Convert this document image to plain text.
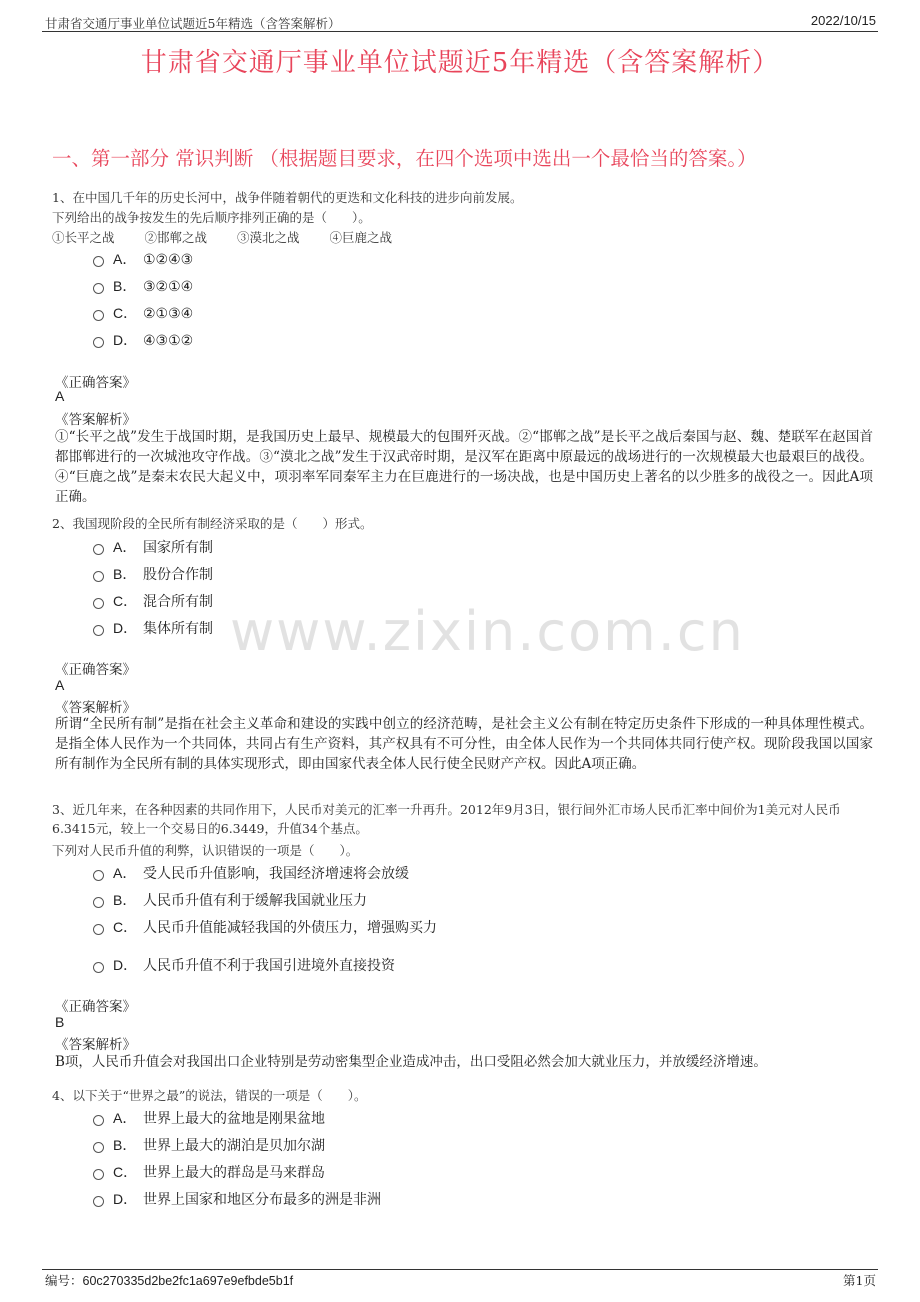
甘肃省交通厅事业单位试题近5年精选（含答案解析）	2022/10/15
甘肃省交通厅事业单位试题近5年精选（含答案解析）
一、第一部分 常识判断 （根据题目要求，在四个选项中选出一个最恰当的答案。）
www.zixin.com.cn
1、在中国几千年的历史长河中，战争伴随着朝代的更迭和文化科技的进步向前发展。
下列给出的战争按发生的先后顺序排列正确的是（　　）。
①长平之战 ②邯郸之战 ③漠北之战 ④巨鹿之战
A． ①②④③
B． ③②①④
C． ②①③④
D． ④③①②
《正确答案》
A
《答案解析》
①“长平之战”发生于战国时期，是我国历史上最早、规模最大的包围歼灭战。②“邯郸之战”是长平之战后秦国与赵、魏、楚联军在赵国首都邯郸进行的一次城池攻守作战。③“漠北之战”发生于汉武帝时期，是汉军在距离中原最远的战场进行的一次规模最大也最艰巨的战役。④“巨鹿之战”是秦末农民大起义中，项羽率军同秦军主力在巨鹿进行的一场决战，也是中国历史上著名的以少胜多的战役之一。因此A项正确。
2、我国现阶段的全民所有制经济采取的是（　　）形式。
A． 国家所有制
B． 股份合作制
C． 混合所有制
D． 集体所有制
《正确答案》
A
《答案解析》
所谓“全民所有制”是指在社会主义革命和建设的实践中创立的经济范畴，是社会主义公有制在特定历史条件下形成的一种具体理性模式。是指全体人民作为一个共同体，共同占有生产资料，其产权具有不可分性，由全体人民作为一个共同体共同行使产权。现阶段我国以国家所有制作为全民所有制的具体实现形式，即由国家代表全体人民行使全民财产产权。因此A项正确。
3、近几年来，在各种因素的共同作用下，人民币对美元的汇率一升再升。2012年9月3日，银行间外汇市场人民币汇率中间价为1美元对人民币6.3415元，较上一个交易日的6.3449，升值34个基点。
下列对人民币升值的利弊，认识错误的一项是（　　）。
A． 受人民币升值影响，我国经济增速将会放缓
B． 人民币升值有利于缓解我国就业压力
C． 人民币升值能减轻我国的外债压力，增强购买力
D． 人民币升值不利于我国引进境外直接投资
《正确答案》
B
《答案解析》
B项，人民币升值会对我国出口企业特别是劳动密集型企业造成冲击，出口受阻必然会加大就业压力，并放缓经济增速。
4、以下关于“世界之最”的说法，错误的一项是（　　）。
A． 世界上最大的盆地是刚果盆地
B． 世界上最大的湖泊是贝加尔湖
C． 世界上最大的群岛是马来群岛
D． 世界上国家和地区分布最多的洲是非洲
编号：60c270335d2be2fc1a697e9efbde5b1f	第1页
